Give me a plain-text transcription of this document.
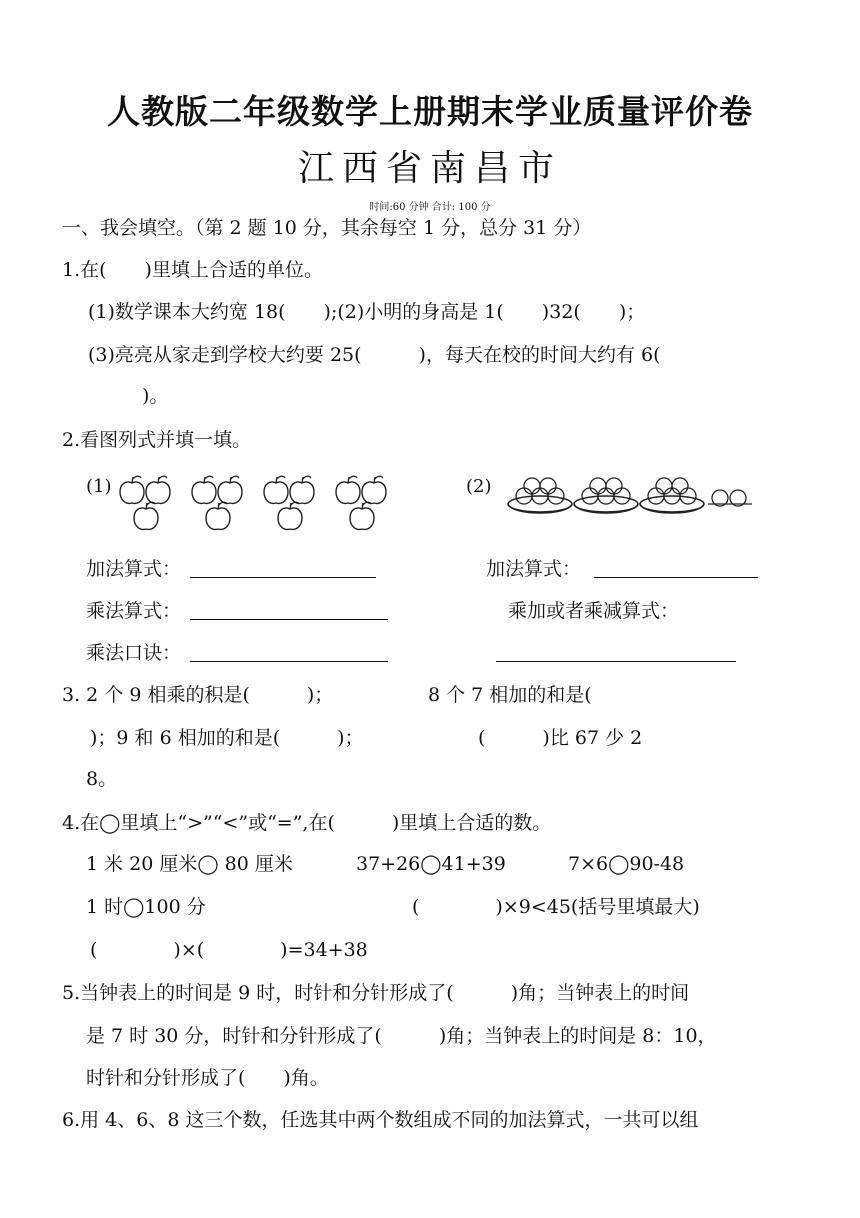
人教版二年级数学上册期末学业质量评价卷
江西省南昌市
时间:60 分钟 合计: 100 分
一、我会填空。（第 2 题 10 分，其余每空 1 分，总分 31 分）
1.在(　　)里填上合适的单位。
(1)数学课本大约宽 18(　　);(2)小明的身高是 1(　　)32(　　)；
(3)亮亮从家走到学校大约要 25(　　　)，每天在校的时间大约有 6(
)。
2.看图列式并填一填。
(1)	(2)
加法算式：	加法算式：
乘法算式：	乘加或者乘减算式：
乘法口诀：
3. 2 个 9 相乘的积是(　　　)；	8 个 7 相加的和是(
)；9 和 6 相加的和是(　　　)；	(　　　)比 67 少 2
8。
4.在◯里填上“>”“<”或“=”,在(　　　)里填上合适的数。
1 米 20 厘米◯ 80 厘米	37+26◯41+39	7×6◯90-48
1 时◯100 分	(　　　　)×9<45(括号里填最大)
(　　　　)×(　　　　)=34+38
5.当钟表上的时间是 9 时，时针和分针形成了(　　　)角；当钟表上的时间
是 7 时 30 分，时针和分针形成了(　　　)角；当钟表上的时间是 8：10，
时针和分针形成了(　　)角。
6.用 4、6、8 这三个数，任选其中两个数组成不同的加法算式，一共可以组
